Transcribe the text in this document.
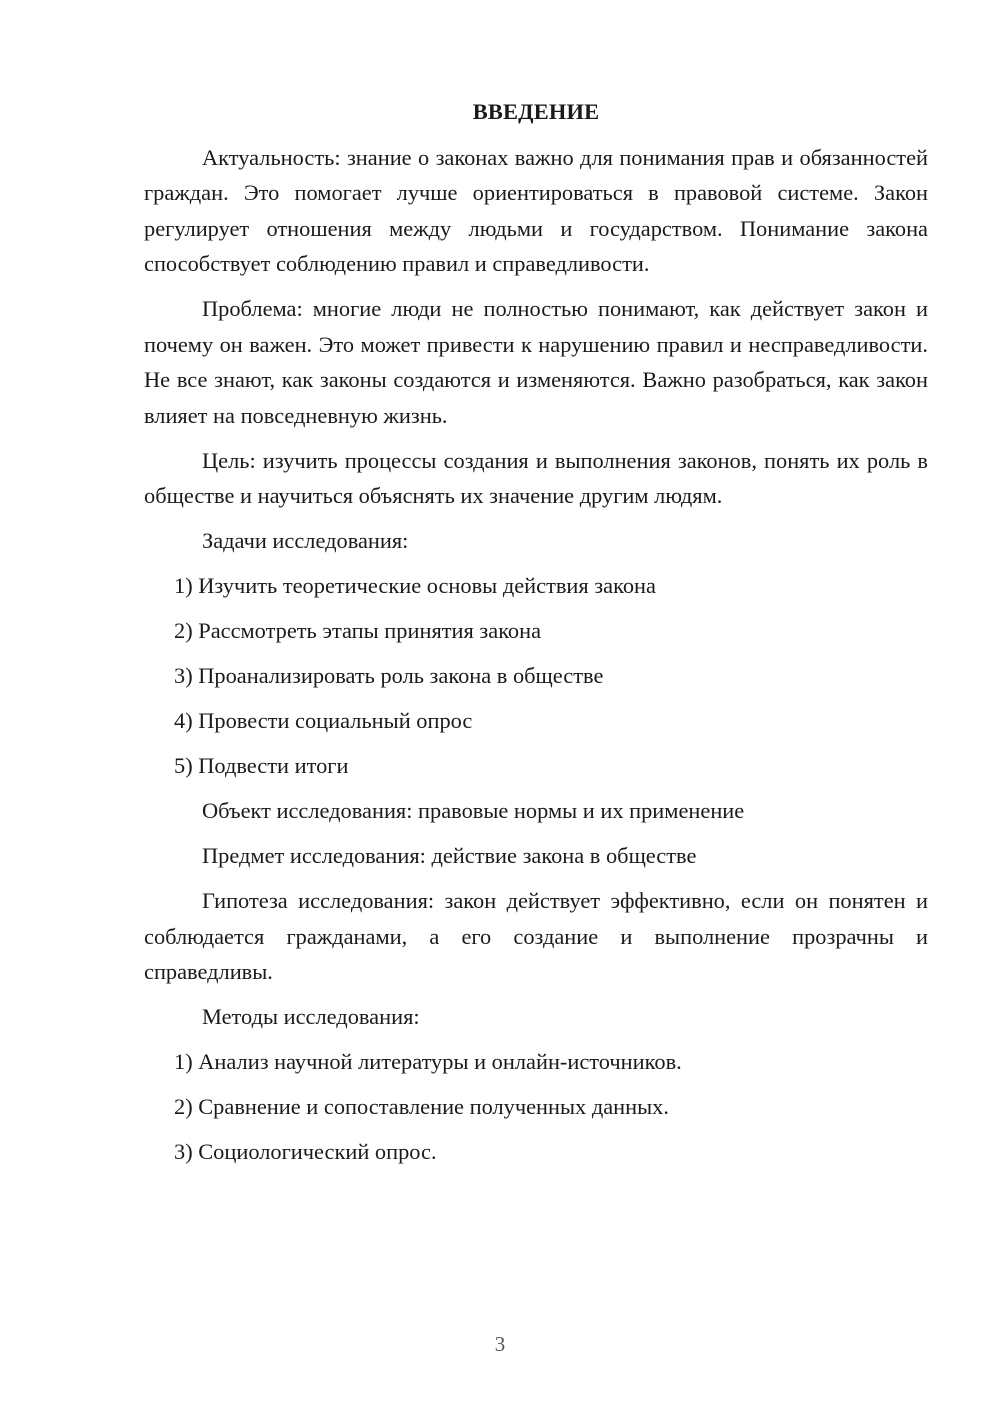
ВВЕДЕНИЕ

Актуальность: знание о законах важно для понимания прав и обязанностей граждан. Это помогает лучше ориентироваться в правовой системе. Закон регулирует отношения между людьми и государством. Понимание закона способствует соблюдению правил и справедливости.

Проблема: многие люди не полностью понимают, как действует закон и почему он важен. Это может привести к нарушению правил и несправедливости. Не все знают, как законы создаются и изменяются. Важно разобраться, как закон влияет на повседневную жизнь.

Цель: изучить процессы создания и выполнения законов, понять их роль в обществе и научиться объяснять их значение другим людям.

Задачи исследования:
1) Изучить теоретические основы действия закона
2) Рассмотреть этапы принятия закона
3) Проанализировать роль закона в обществе
4) Провести социальный опрос
5) Подвести итоги
Объект исследования: правовые нормы и их применение
Предмет исследования: действие закона в обществе

Гипотеза исследования: закон действует эффективно, если он понятен и соблюдается гражданами, а его создание и выполнение прозрачны и справедливы.

Методы исследования:
1) Анализ научной литературы и онлайн-источников.
2) Сравнение и сопоставление полученных данных.
3) Социологический опрос.
3
